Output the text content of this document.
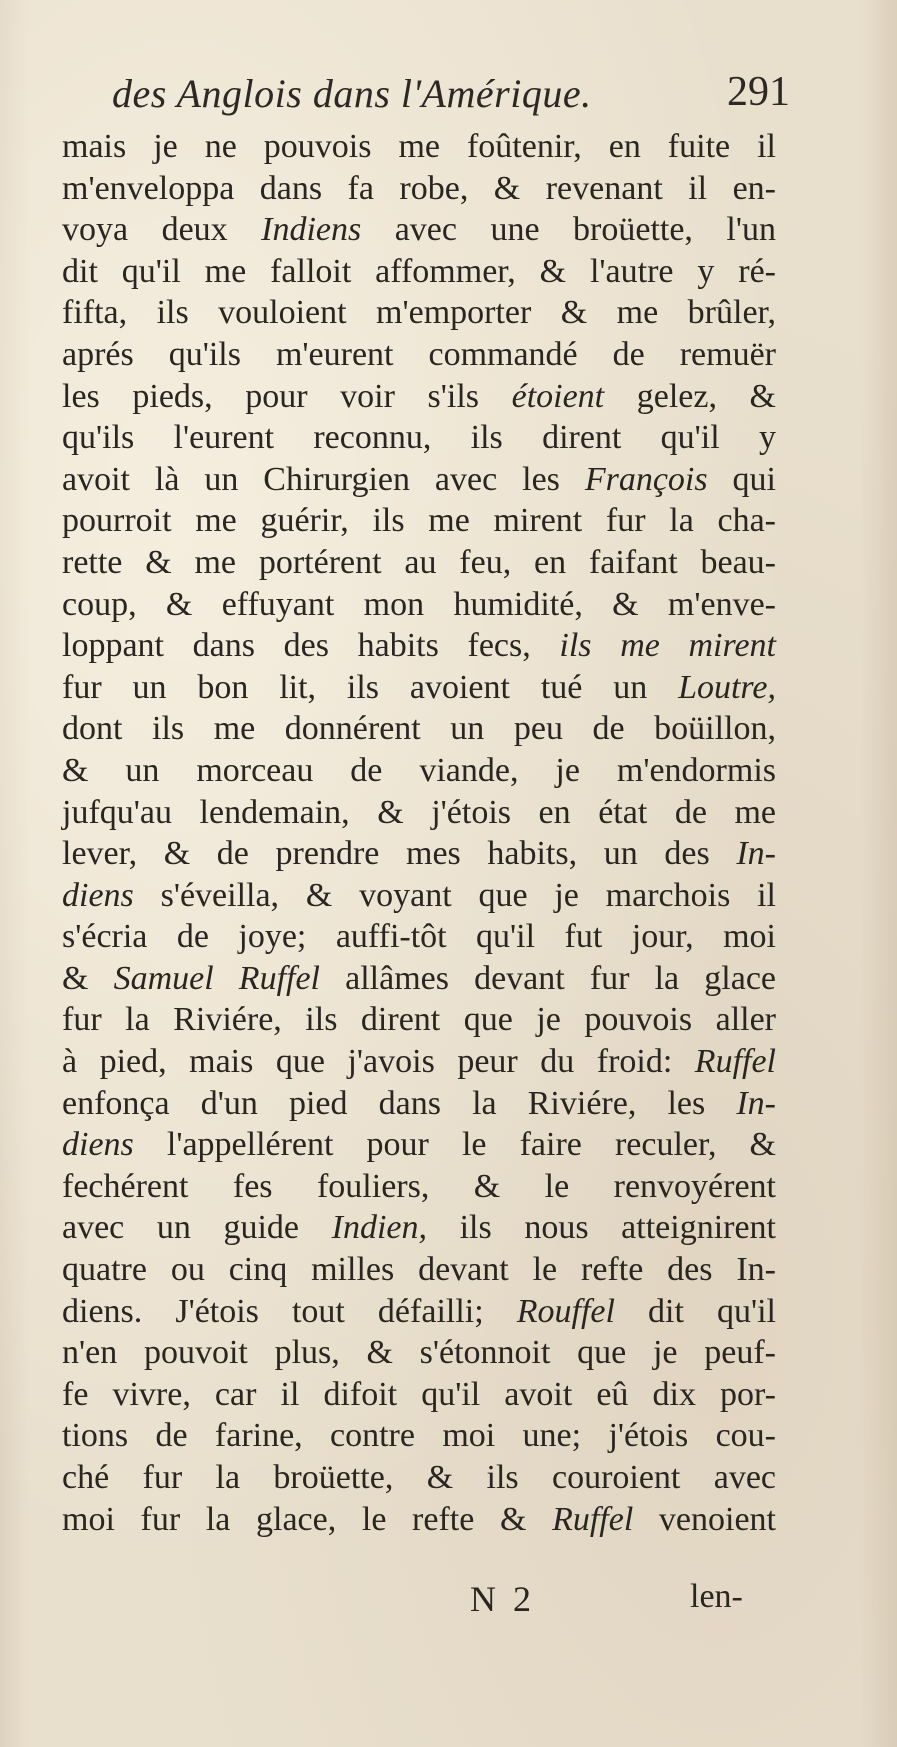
des Anglois dans l'Amérique.	291
mais je ne pouvois me foûtenir, en fuite il
m'enveloppa dans fa robe, & revenant il en-
voya deux Indiens avec une broüette, l'un
dit qu'il me falloit affommer, & l'autre y ré-
fifta, ils vouloient m'emporter & me brûler,
aprés qu'ils m'eurent commandé de remuër
les pieds, pour voir s'ils étoient gelez, &
qu'ils l'eurent reconnu, ils dirent qu'il y
avoit là un Chirurgien avec les François qui
pourroit me guérir, ils me mirent fur la cha-
rette & me portérent au feu, en faifant beau-
coup, & effuyant mon humidité, & m'enve-
loppant dans des habits fecs, ils me mirent
fur un bon lit, ils avoient tué un Loutre,
dont ils me donnérent un peu de boüillon,
& un morceau de viande, je m'endormis
jufqu'au lendemain, & j'étois en état de me
lever, & de prendre mes habits, un des In-
diens s'éveilla, & voyant que je marchois il
s'écria de joye; auffi-tôt qu'il fut jour, moi
& Samuel Ruffel allâmes devant fur la glace
fur la Riviére, ils dirent que je pouvois aller
à pied, mais que j'avois peur du froid: Ruffel
enfonça d'un pied dans la Riviére, les In-
diens l'appellérent pour le faire reculer, &
fechérent fes fouliers, & le renvoyérent
avec un guide Indien, ils nous atteignirent
quatre ou cinq milles devant le refte des In-
diens. J'étois tout défailli; Rouffel dit qu'il
n'en pouvoit plus, & s'étonnoit que je peuf-
fe vivre, car il difoit qu'il avoit eû dix por-
tions de farine, contre moi une; j'étois cou-
ché fur la broüette, & ils couroient avec
moi fur la glace, le refte & Ruffel venoient
N 2	len-
